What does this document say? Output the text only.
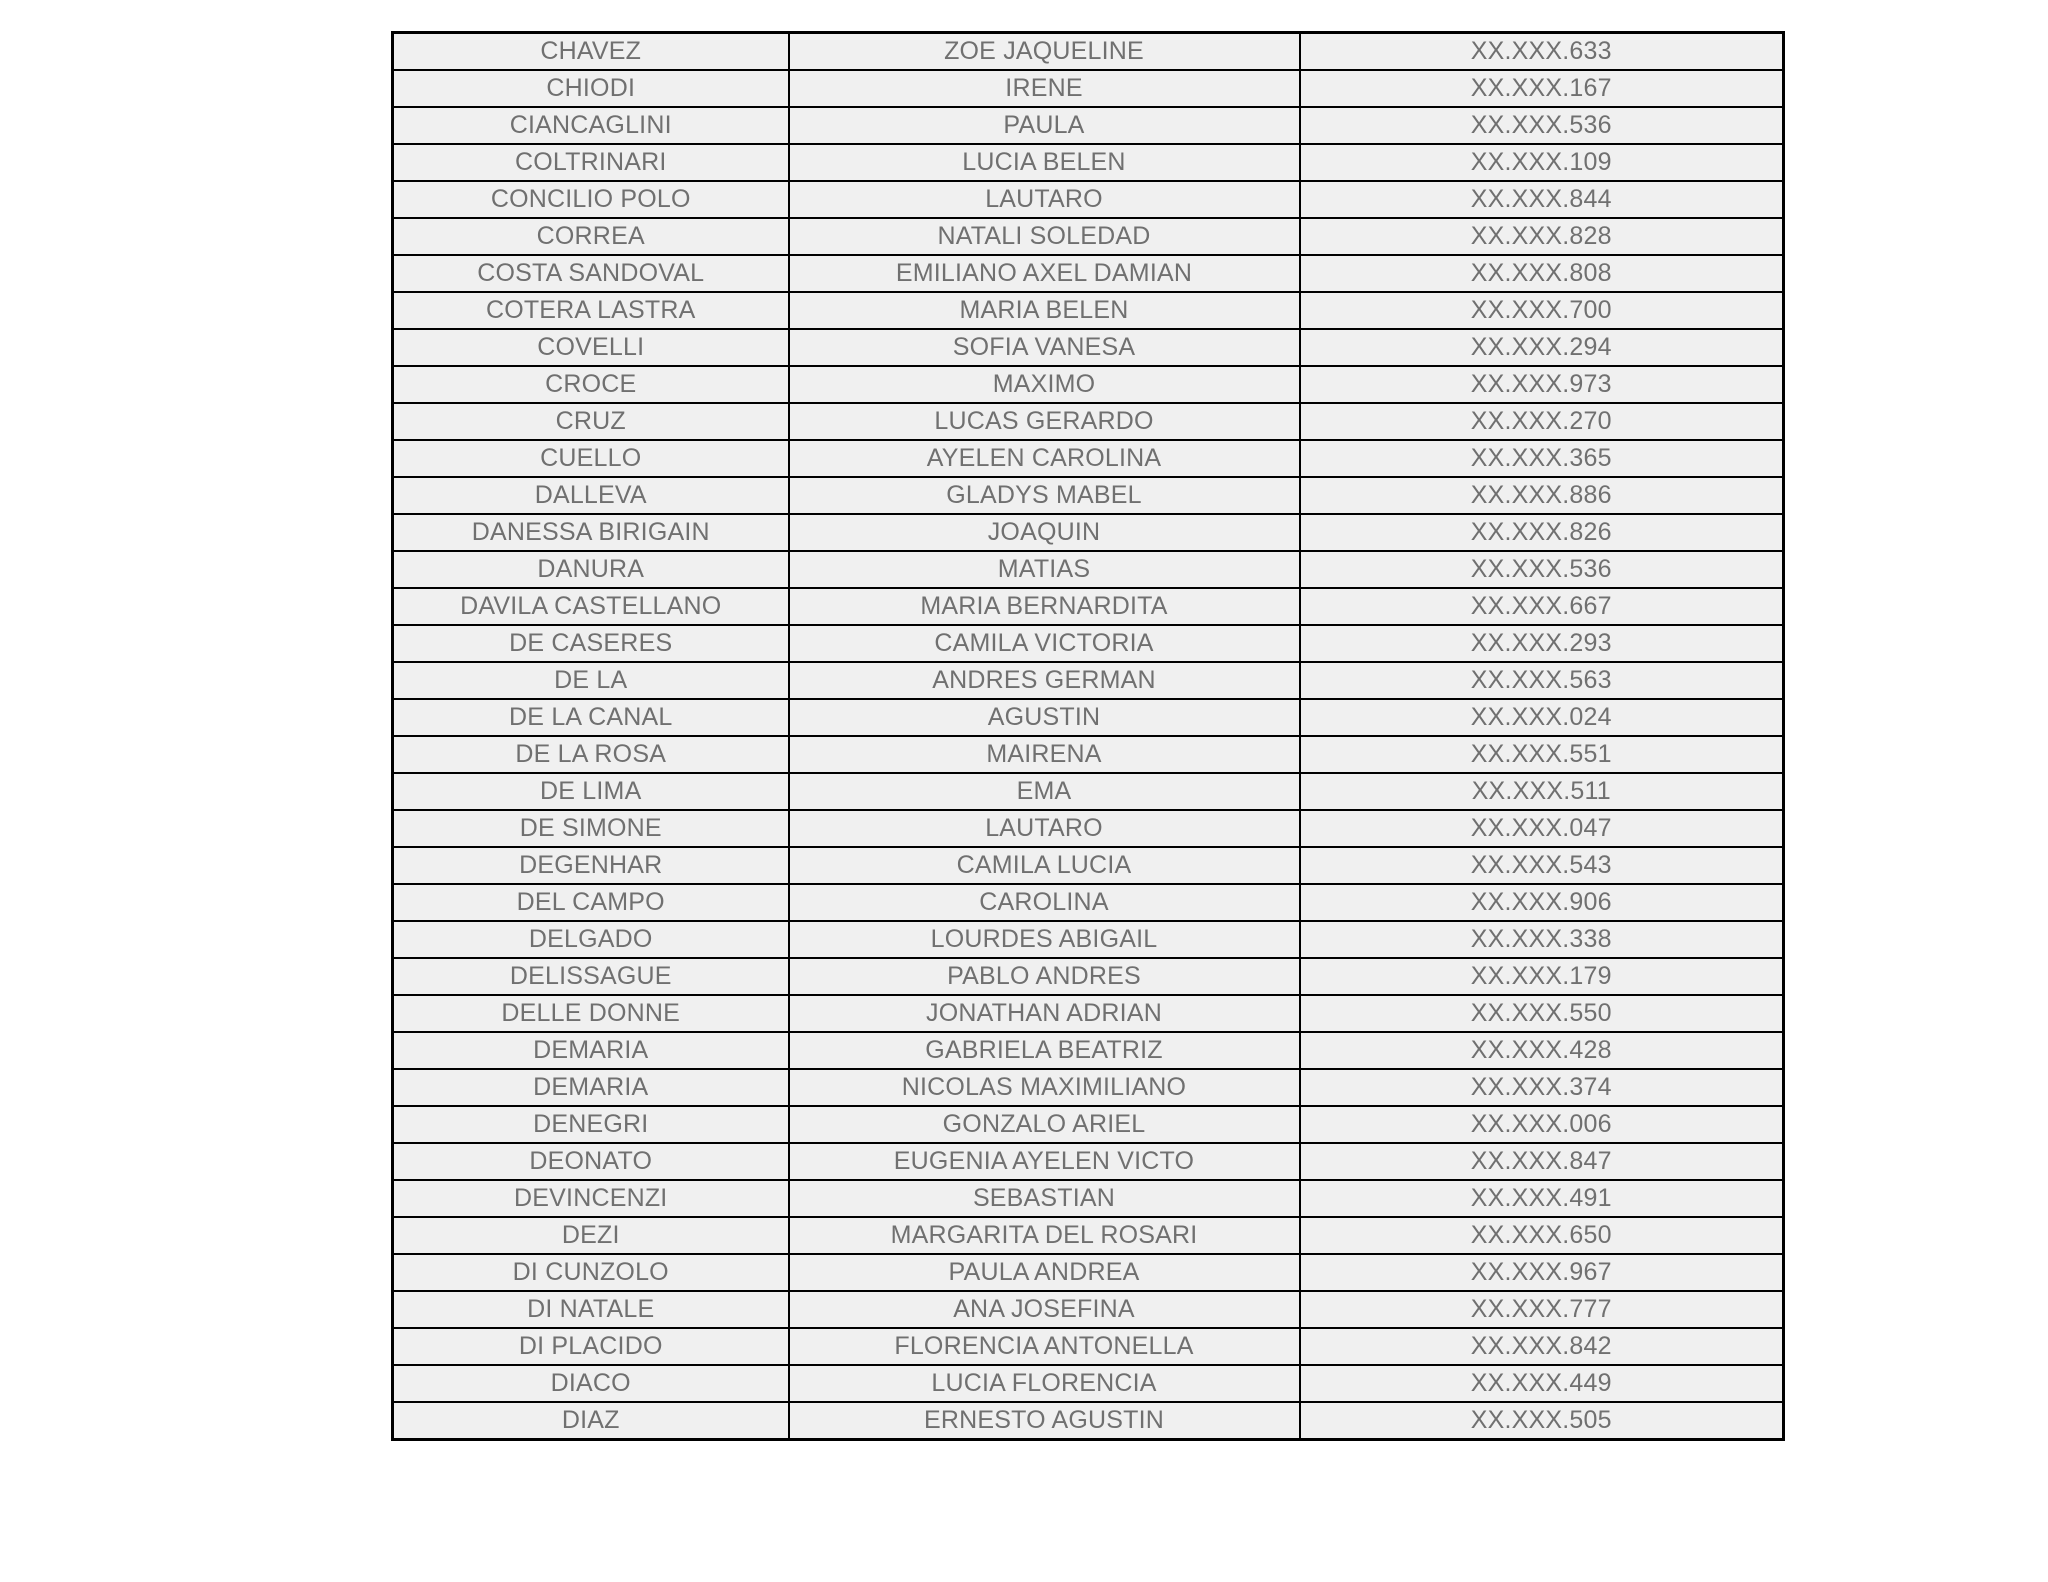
CHAVEZ	ZOE JAQUELINE	XX.XXX.633
CHIODI	IRENE	XX.XXX.167
CIANCAGLINI	PAULA	XX.XXX.536
COLTRINARI	LUCIA BELEN	XX.XXX.109
CONCILIO POLO	LAUTARO	XX.XXX.844
CORREA	NATALI SOLEDAD	XX.XXX.828
COSTA SANDOVAL	EMILIANO AXEL DAMIAN	XX.XXX.808
COTERA LASTRA	MARIA BELEN	XX.XXX.700
COVELLI	SOFIA VANESA	XX.XXX.294
CROCE	MAXIMO	XX.XXX.973
CRUZ	LUCAS GERARDO	XX.XXX.270
CUELLO	AYELEN CAROLINA	XX.XXX.365
DALLEVA	GLADYS MABEL	XX.XXX.886
DANESSA BIRIGAIN	JOAQUIN	XX.XXX.826
DANURA	MATIAS	XX.XXX.536
DAVILA CASTELLANO	MARIA BERNARDITA	XX.XXX.667
DE CASERES	CAMILA VICTORIA	XX.XXX.293
DE LA	ANDRES GERMAN	XX.XXX.563
DE LA CANAL	AGUSTIN	XX.XXX.024
DE LA ROSA	MAIRENA	XX.XXX.551
DE LIMA	EMA	XX.XXX.511
DE SIMONE	LAUTARO	XX.XXX.047
DEGENHAR	CAMILA LUCIA	XX.XXX.543
DEL CAMPO	CAROLINA	XX.XXX.906
DELGADO	LOURDES ABIGAIL	XX.XXX.338
DELISSAGUE	PABLO ANDRES	XX.XXX.179
DELLE DONNE	JONATHAN ADRIAN	XX.XXX.550
DEMARIA	GABRIELA BEATRIZ	XX.XXX.428
DEMARIA	NICOLAS MAXIMILIANO	XX.XXX.374
DENEGRI	GONZALO ARIEL	XX.XXX.006
DEONATO	EUGENIA AYELEN VICTO	XX.XXX.847
DEVINCENZI	SEBASTIAN	XX.XXX.491
DEZI	MARGARITA DEL ROSARI	XX.XXX.650
DI CUNZOLO	PAULA ANDREA	XX.XXX.967
DI NATALE	ANA JOSEFINA	XX.XXX.777
DI PLACIDO	FLORENCIA ANTONELLA	XX.XXX.842
DIACO	LUCIA FLORENCIA	XX.XXX.449
DIAZ	ERNESTO AGUSTIN	XX.XXX.505
